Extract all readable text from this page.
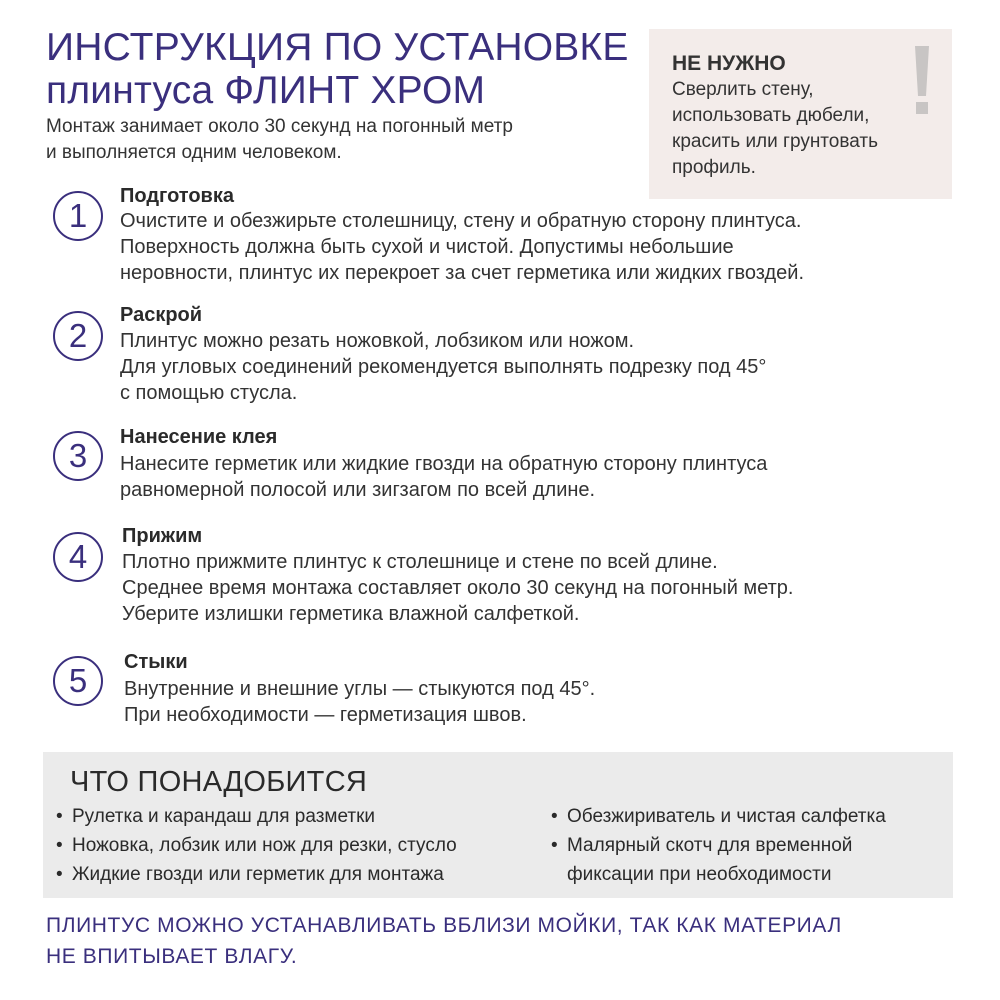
ИНСТРУКЦИЯ ПО УСТАНОВКЕ
плинтуса ФЛИНТ ХРОМ
Монтаж занимает около 30 секунд на погонный метр
и выполняется одним человеком.
НЕ НУЖНО
Сверлить стену,
использовать дюбели,
красить или грунтовать
профиль.
1
Подготовка
Очистите и обезжирьте столешницу, стену и обратную сторону плинтуса.
Поверхность должна быть сухой и чистой. Допустимы небольшие
неровности, плинтус их перекроет за счет герметика или жидких гвоздей.
2
Раскрой
Плинтус можно резать ножовкой, лобзиком или ножом.
Для угловых соединений рекомендуется выполнять подрезку под 45°
с помощью стусла.
3	Нанесение клея
Нанесите герметик или жидкие гвозди на обратную сторону плинтуса
равномерной полосой или зигзагом по всей длине.
4
Прижим
Плотно прижмите плинтус к столешнице и стене по всей длине.
Среднее время монтажа составляет около 30 секунд на погонный метр.
Уберите излишки герметика влажной салфеткой.
5	Стыки
Внутренние и внешние углы — стыкуются под 45°.
При необходимости — герметизация швов.
ЧТО ПОНАДОБИТСЯ
• Рулетка и карандаш для разметки
• Ножовка, лобзик или нож для резки, стусло
• Жидкие гвозди или герметик для монтажа
• Обезжириватель и чистая салфетка
• Малярный скотч для временной
фиксации при необходимости
ПЛИНТУС МОЖНО УСТАНАВЛИВАТЬ ВБЛИЗИ МОЙКИ, ТАК КАК МАТЕРИАЛ
НЕ ВПИТЫВАЕТ ВЛАГУ.
